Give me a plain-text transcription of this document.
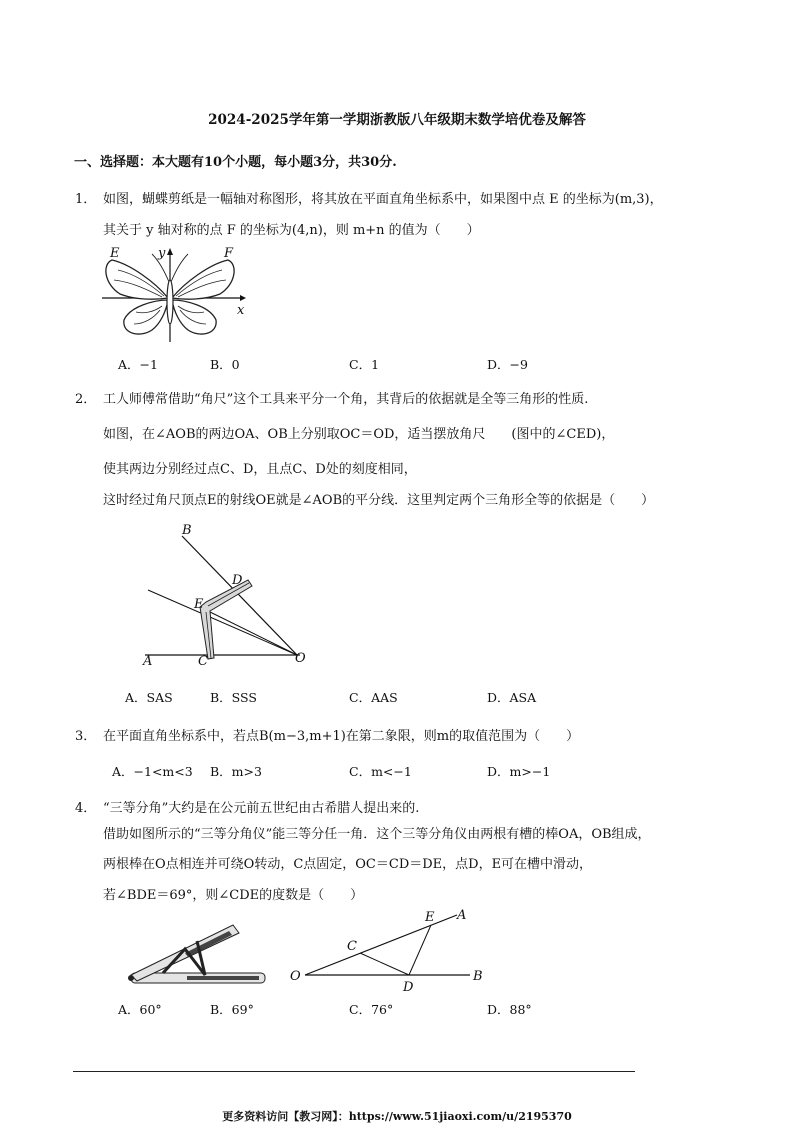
2024-2025学年第一学期浙教版八年级期末数学培优卷及解答
一、选择题：本大题有10个小题，每小题3分，共30分.
1． 如图，蝴蝶剪纸是一幅轴对称图形，将其放在平面直角坐标系中，如果图中点 E 的坐标为(m,3)，
其关于 y 轴对称的点 F 的坐标为(4,n)，则 m+n 的值为（　　）
E	F
y
x
A．−1	B．0	C．1	D．−9
2． 工人师傅常借助“角尺”这个工具来平分一个角，其背后的依据就是全等三角形的性质.
如图，在∠AOB的两边OA、OB上分别取OC＝OD，适当摆放角尺　　(图中的∠CED)，
使其两边分别经过点C、D，且点C、D处的刻度相同，
这时经过角尺顶点E的射线OE就是∠AOB的平分线．这里判定两个三角形全等的依据是（　　）
B
D
E
A	C	O
A．SAS	B．SSS	C．AAS	D．ASA
3． 在平面直角坐标系中，若点B(m−3,m+1)在第二象限，则m的取值范围为（　　）
A．−1<m<3 B．m>3	C．m<−1	D．m>−1
4． “三等分角”大约是在公元前五世纪由古希腊人提出来的.
借助如图所示的“三等分角仪”能三等分任一角．这个三等分角仪由两根有槽的棒OA，OB组成，
两根棒在O点相连并可绕O转动，C点固定，OC＝CD＝DE，点D，E可在槽中滑动，
若∠BDE＝69°，则∠CDE的度数是（　　）
O
C
E A
B
D
A．60°	B．69°	C．76°	D．88°
更多资料访问【教习网】：https://www.51jiaoxi.com/u/2195370
